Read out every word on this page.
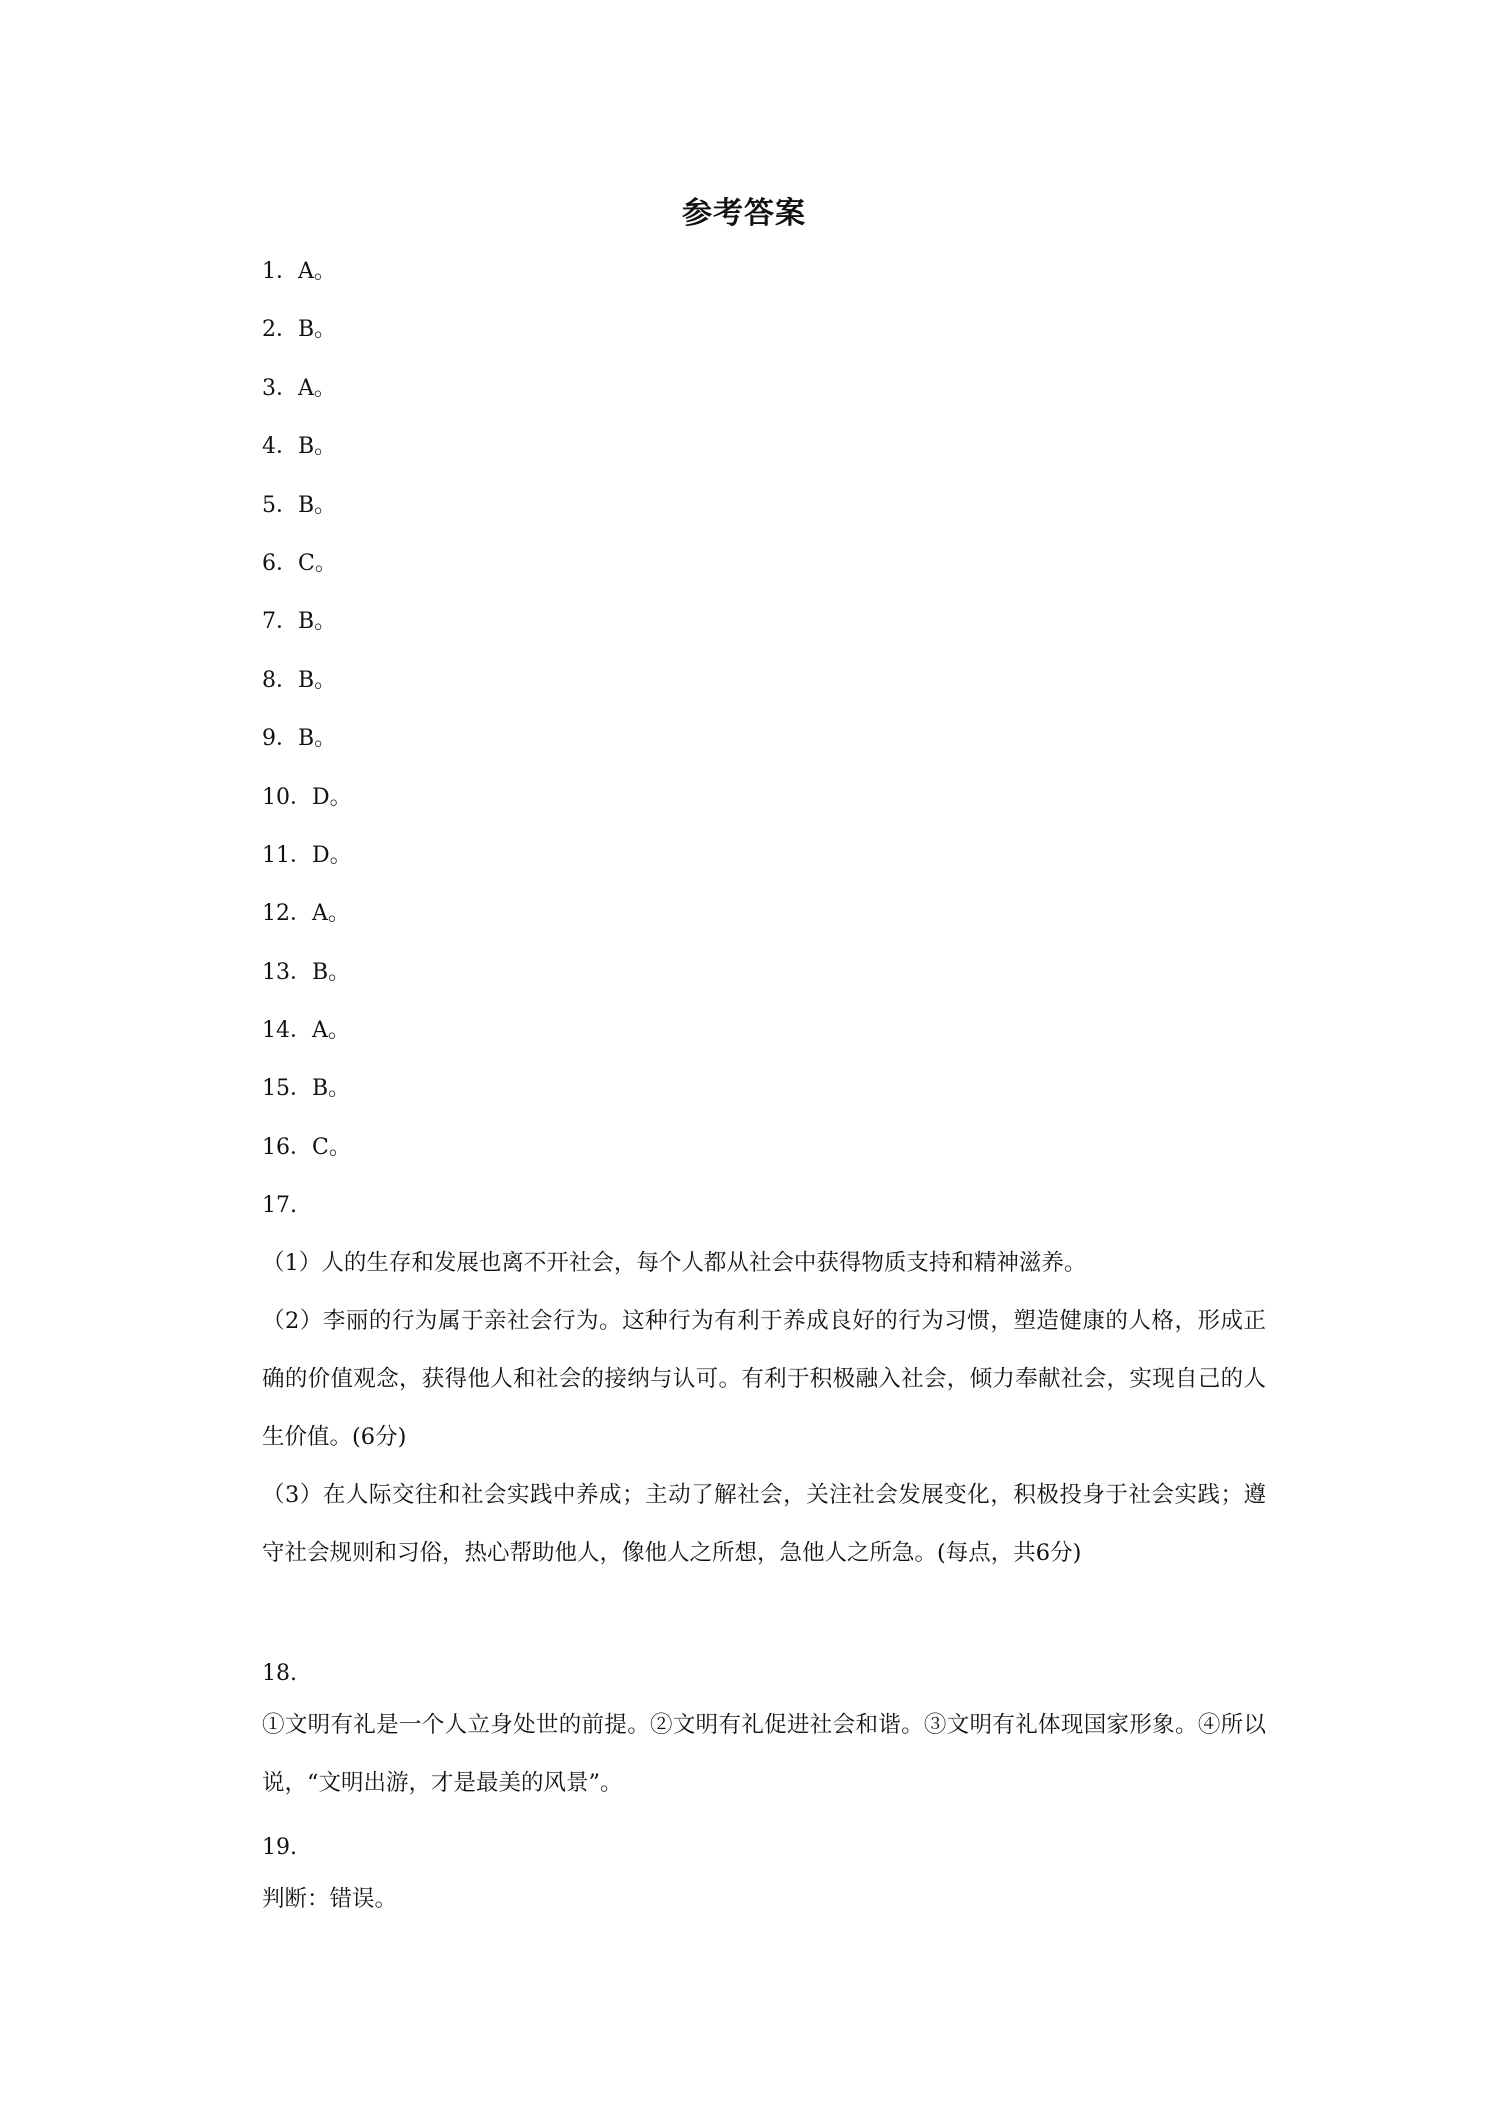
参考答案
1．A。
2．B。
3．A。
4．B。
5．B。
6．C。
7．B。
8．B。
9．B。
10．D。
11．D。
12．A。
13．B。
14．A。
15．B。
16．C。
17.
（1）人的生存和发展也离不开社会，每个人都从社会中获得物质支持和精神滋养。
（2）李丽的行为属于亲社会行为。这种行为有利于养成良好的行为习惯，塑造健康的人格，形成正确的价值观念，获得他人和社会的接纳与认可。有利于积极融入社会，倾力奉献社会，实现自己的人生价值。(6分)
（3）在人际交往和社会实践中养成；主动了解社会，关注社会发展变化，积极投身于社会实践；遵守社会规则和习俗，热心帮助他人，像他人之所想，急他人之所急。(每点，共6分)
18.
①文明有礼是一个人立身处世的前提。②文明有礼促进社会和谐。③文明有礼体现国家形象。④所以说，“文明出游，才是最美的风景”。
19.
判断：错误。
